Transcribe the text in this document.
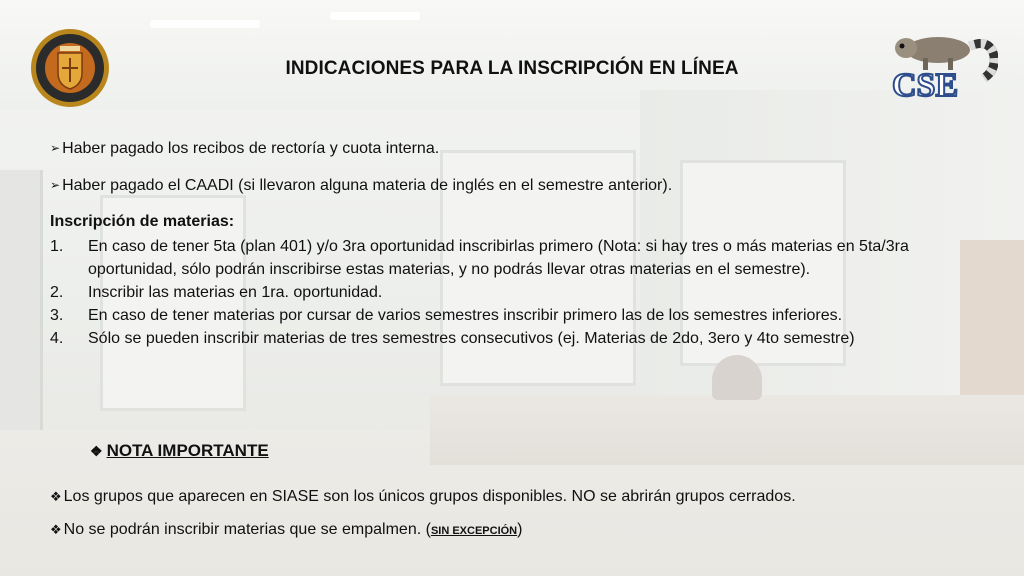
CSE
INDICACIONES PARA LA INSCRIPCIÓN EN LÍNEA
➢ Haber pagado los recibos de rectoría y cuota interna.
➢ Haber pagado el CAADI (si llevaron alguna materia de inglés en el semestre anterior).
Inscripción de materias:
1. En caso de tener 5ta (plan 401) y/o 3ra oportunidad inscribirlas primero (Nota: si hay tres o más materias en 5ta/3ra oportunidad, sólo podrán inscribirse estas materias, y no podrás llevar otras materias en el semestre).
2. Inscribir las materias en 1ra. oportunidad.
3. En caso de tener materias por cursar de varios semestres inscribir primero las de los semestres inferiores.
4. Sólo se pueden inscribir materias de tres semestres consecutivos (ej. Materias de 2do, 3ero y 4to semestre)
❖ NOTA IMPORTANTE
❖ Los grupos que aparecen en SIASE son los únicos grupos disponibles. NO se abrirán grupos cerrados.
❖ No se podrán inscribir materias que se empalmen. (SIN EXCEPCIÓN)
